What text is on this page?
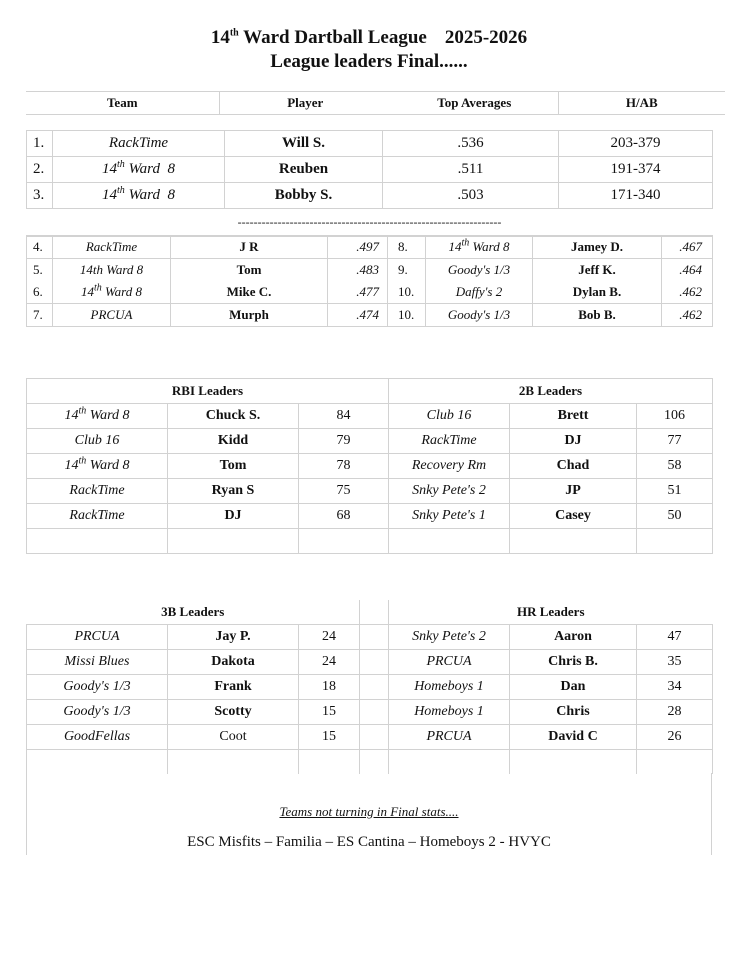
14th Ward Dartball League 2025-2026
League leaders Final......
Team	Player	Top Averages	H/AB
1.	RackTime	Will S.	.536	203-379
2.	14th Ward  8	Reuben	.511	191-374
3.	14th Ward  8	Bobby S.	.503	171-340
------------------------------------------------------------------				
4.	RackTime	J R	.497	8.	14th Ward 8	Jamey D.	.467
5.	14th Ward 8	Tom	.483	9.	Goody's 1/3	Jeff K.	.464
6.	14th Ward 8	Mike C.	.477	10.	Daffy's 2	Dylan B.	.462
7.	PRCUA	Murph	.474	10.	Goody's 1/3	Bob B.	.462
RBI Leaders			2B Leaders		
14th Ward 8	Chuck S.	84	Club 16	Brett	106
Club 16	Kidd	79	RackTime	DJ	77
14th Ward 8	Tom	78	Recovery Rm	Chad	58
RackTime	Ryan S	75	Snky Pete's 2	JP	51
RackTime	DJ	68	Snky Pete's 1	Casey	50

3B Leaders				HR Leaders		
PRCUA	Jay P.	24		Snky Pete's 2	Aaron	47
Missi Blues	Dakota	24		PRCUA	Chris B.	35
Goody's 1/3	Frank	18		Homeboys 1	Dan	34
Goody's 1/3	Scotty	15		Homeboys 1	Chris	28
GoodFellas	Coot	15		PRCUA	David C	26

Teams not turning in Final stats....
ESC Misfits – Familia – ES Cantina – Homeboys 2 - HVYC
